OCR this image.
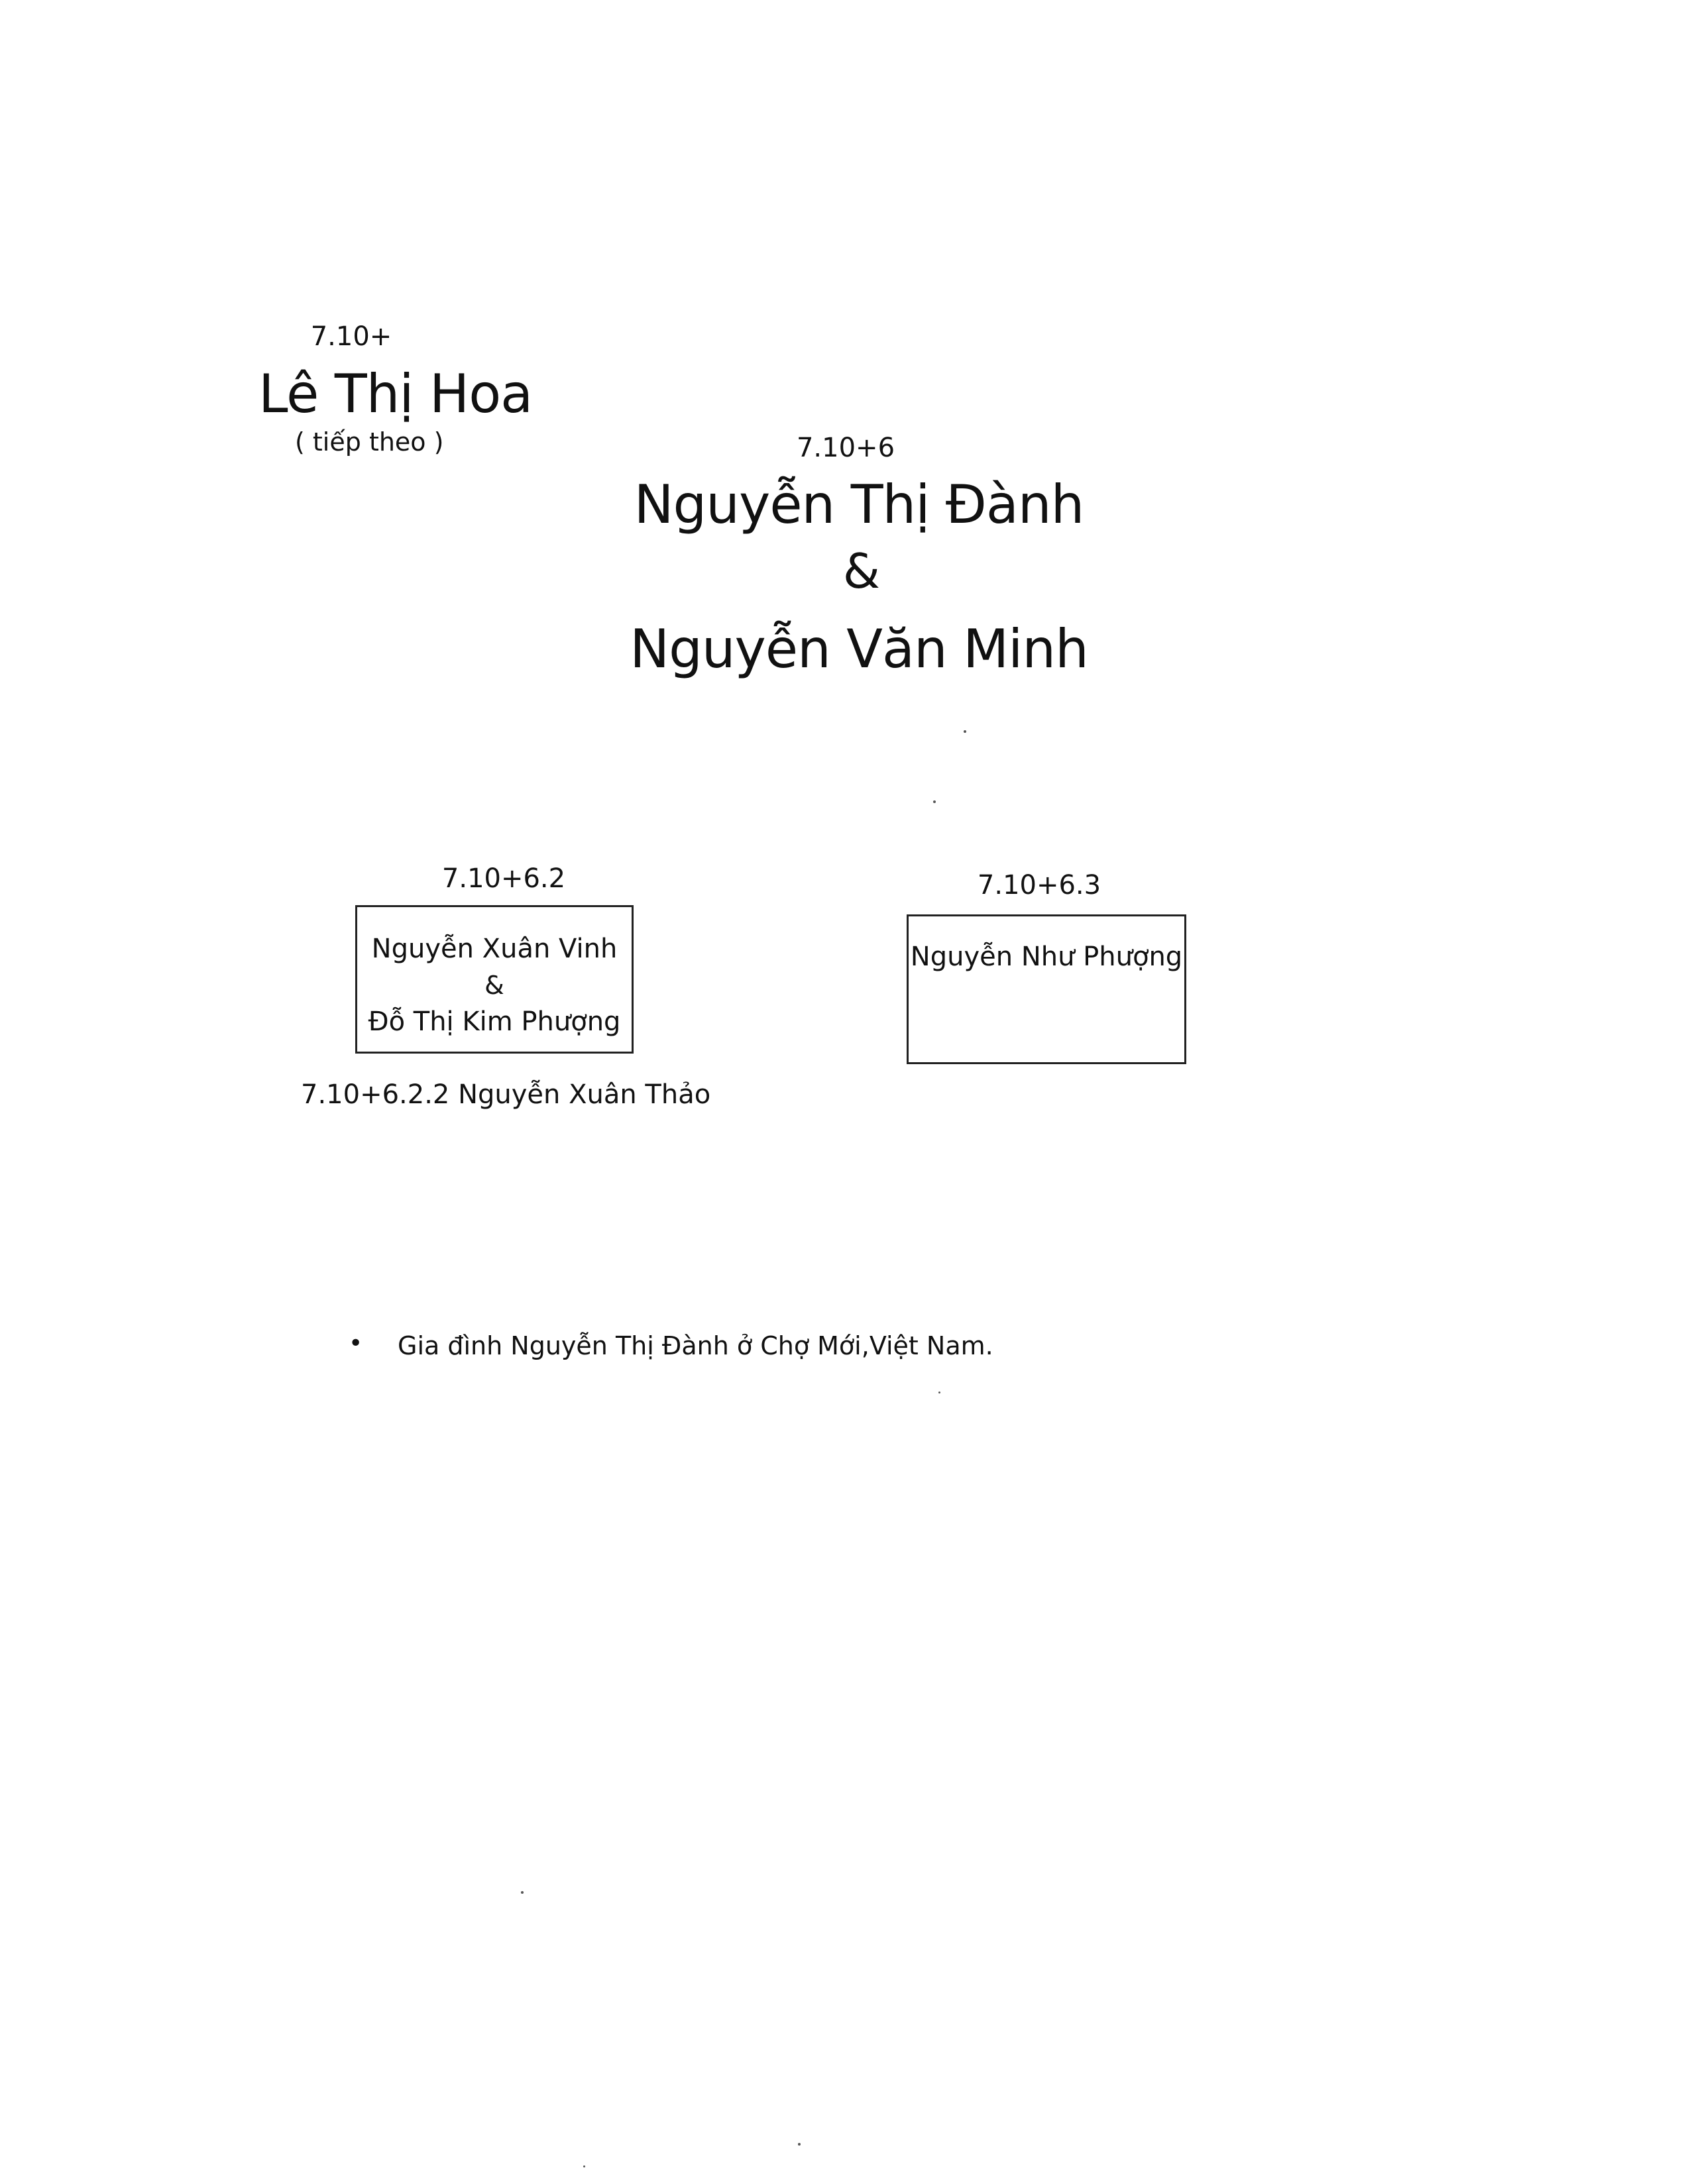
7.10+
Lê Thị Hoa
( tiếp theo )	7.10+6
Nguyễn Thị Đành
&
Nguyễn Văn Minh
7.10+6.2
Nguyễn Xuân Vinh
&
Đỗ Thị Kim Phượng
7.10+6.3
Nguyễn Như Phượng
7.10+6.2.2 Nguyễn Xuân Thảo
• Gia đình Nguyễn Thị Đành ở Chợ Mới,Việt Nam.
